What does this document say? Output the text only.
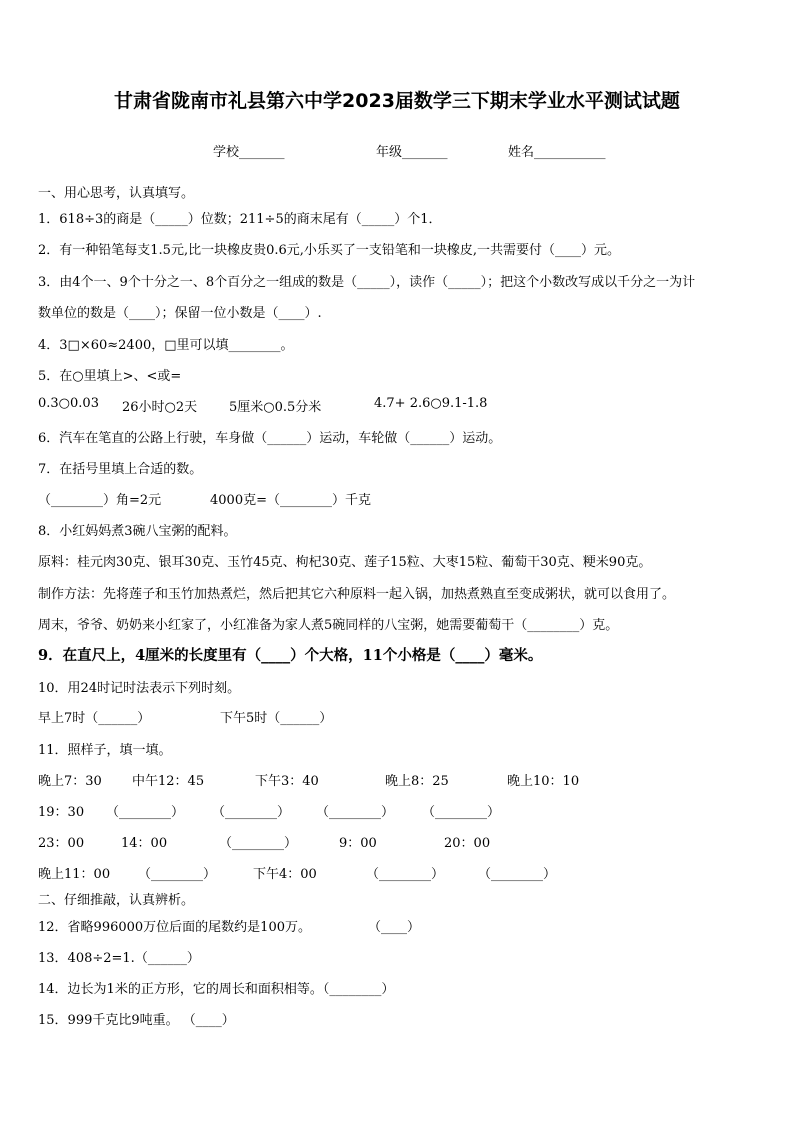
甘肃省陇南市礼县第六中学2023届数学三下期末学业水平测试试题
学校_______	年级_______	姓名___________
一、用心思考，认真填写。
1．618÷3的商是（_____）位数；211÷5的商末尾有（_____）个1．
2．有一种铅笔每支1.5元,比一块橡皮贵0.6元,小乐买了一支铅笔和一块橡皮,一共需要付（____）元。
3．由4个一、9个十分之一、8个百分之一组成的数是（_____），读作（_____）；把这个小数改写成以千分之一为计
数单位的数是（____）；保留一位小数是（____）.
4．3□×60≈2400，□里可以填________。
5．在○里填上>、<或=
0.3○0.03 26小时○2天 5厘米○0.5分米	4.7+ 2.6○9.1-1.8
6．汽车在笔直的公路上行驶，车身做（______）运动，车轮做（______）运动。
7．在括号里填上合适的数。
（________）角=2元	4000克=（________）千克
8．小红妈妈煮3碗八宝粥的配料。
原料：桂元肉30克、银耳30克、玉竹45克、枸杞30克、莲子15粒、大枣15粒、葡萄干30克、粳米90克。
制作方法：先将莲子和玉竹加热煮烂，然后把其它六种原料一起入锅，加热煮熟直至变成粥状，就可以食用了。
周末，爷爷、奶奶来小红家了，小红准备为家人煮5碗同样的八宝粥，她需要葡萄干（________）克。
9．在直尺上，4厘米的长度里有（____）个大格，11个小格是（____）毫米。
10．用24时记时法表示下列时刻。
早上7时（______）	下午5时（______）
11．照样子，填一填。
晚上7：30 中午12：45	下午3：40	晚上8：25	晚上10：10
19：30 （________） （________） （________） （________）
23：00	14：00	（________）	9：00	20：00
晚上11：00 （________）	下午4：00	（________）	（________）
二、仔细推敲，认真辨析。
12．省略996000万位后面的尾数约是100万。	（____）
13．408÷2=1.（______）
14．边长为1米的正方形，它的周长和面积相等。（________）
15．999千克比9吨重。 （____）
